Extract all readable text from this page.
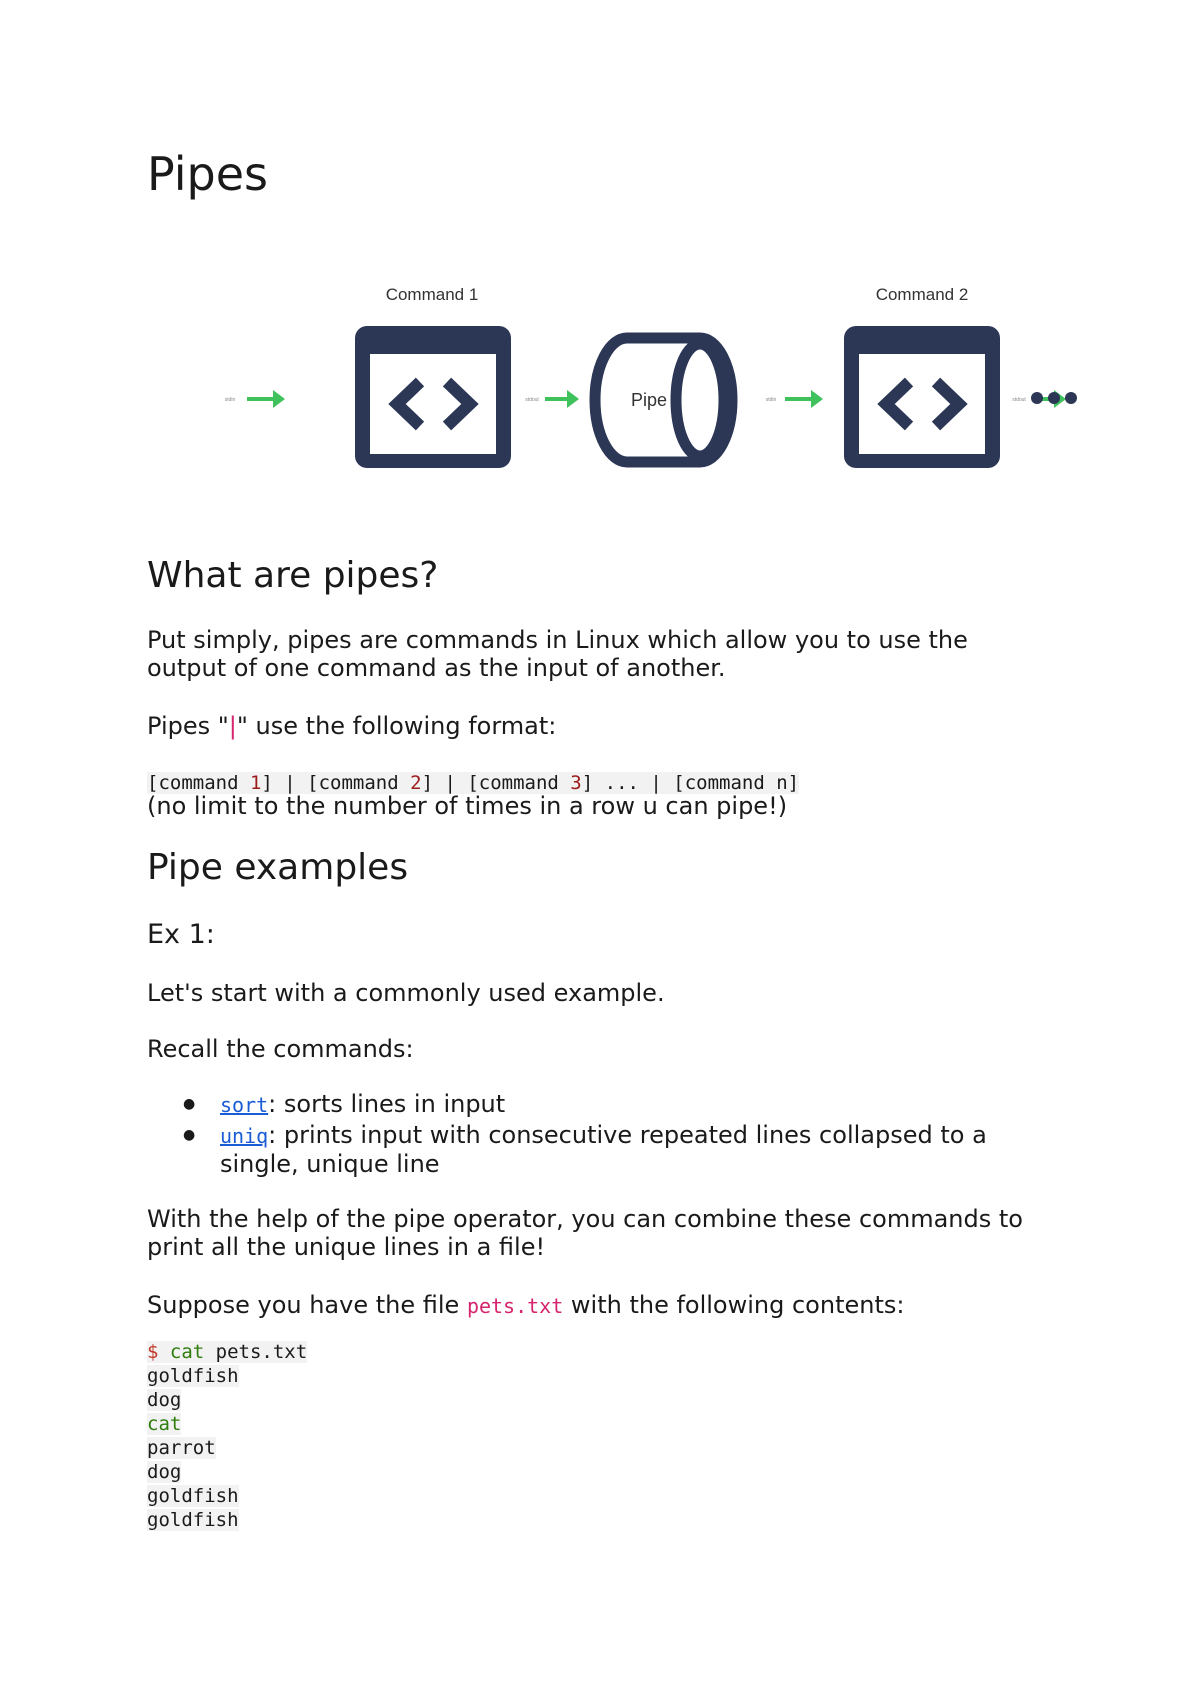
Pipes
Command 1	Command 2
stdin	stdout	Pipe	stdin	stdout
What are pipes?

Put simply, pipes are commands in Linux which allow you to use the
output of one command as the input of another.

Pipes "|" use the following format:

[command 1] | [command 2] | [command 3] ... | [command n]

(no limit to the number of times in a row u can pipe!)

Pipe examples

Ex 1:

Let's start with a commonly used example.

Recall the commands:

● sort: sorts lines in input
● uniq: prints input with consecutive repeated lines collapsed to a
single, unique line

With the help of the pipe operator, you can combine these commands to
print all the unique lines in a file!

Suppose you have the file pets.txt with the following contents:

$ cat pets.txt
goldfish
dog
cat
parrot
dog
goldfish
goldfish
